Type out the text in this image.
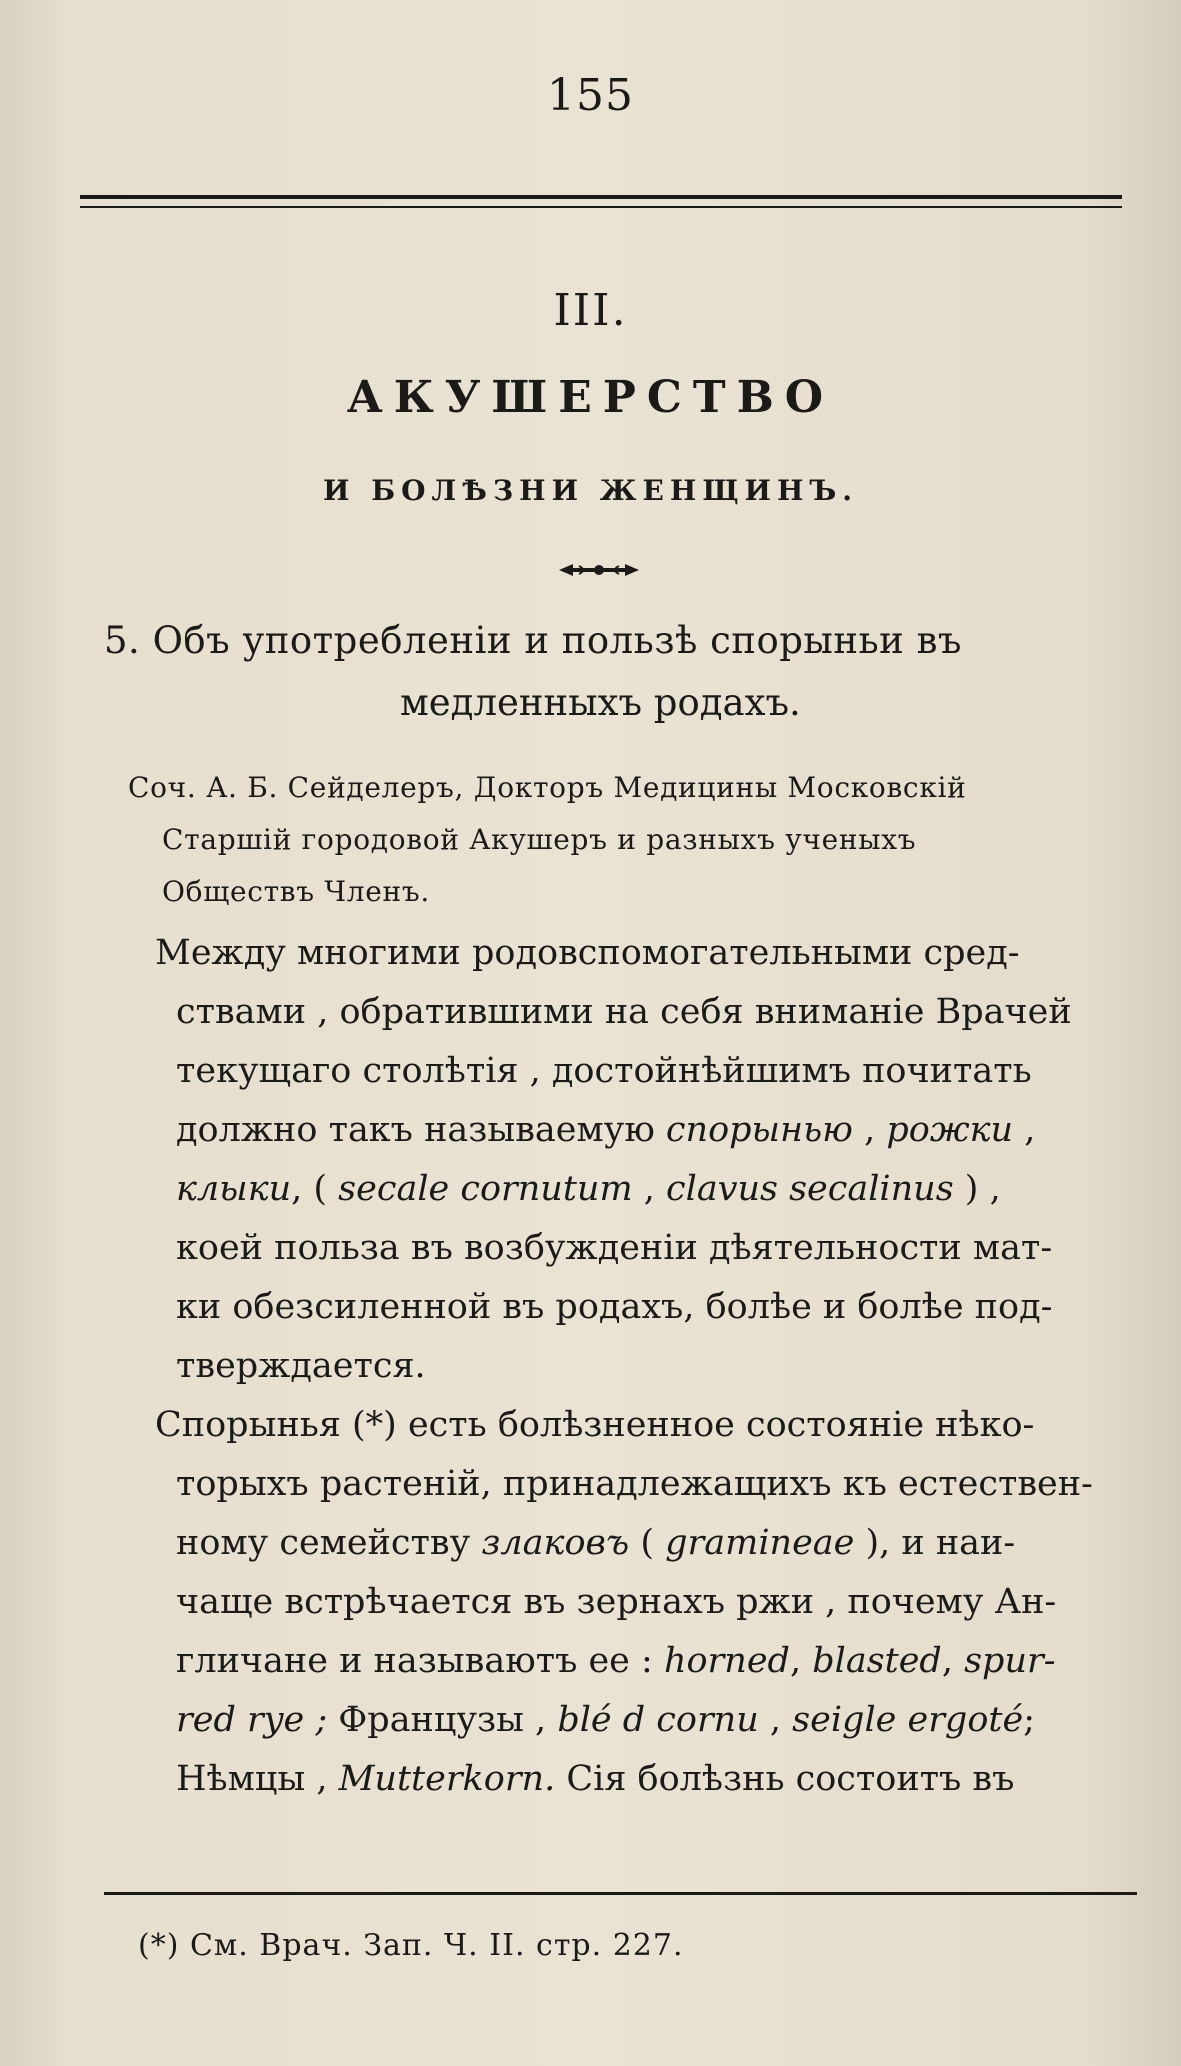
155
III.
АКУШЕРСТВО
И БОЛѢЗНИ ЖЕНЩИНЪ.
5. Объ употребленіи и пользѣ спорыньи въ
медленныхъ родахъ.
Соч. А. Б. Сейделеръ, Докторъ Медицины Московскій
Старшій городовой Акушеръ и разныхъ ученыхъ
Обществъ Членъ.
Между многими родовспомогательными сред-
ствами , обратившими на себя вниманіе Врачей
текущаго столѣтія , достойнѣйшимъ почитать
должно такъ называемую спорынью , рожки ,
клыки, ( secale cornutum , clavus secalinus ) ,
коей польза въ возбужденіи дѣятельности мат-
ки обезсиленной въ родахъ, болѣе и болѣе под-
тверждается.
Спорынья (*) есть болѣзненное состояніе нѣко-
торыхъ растеній, принадлежащихъ къ естествен-
ному семейству злаковъ ( gramineae ), и наи-
чаще встрѣчается въ зернахъ ржи , почему Ан-
гличане и называютъ ее : horned, blasted, spur-
red rye ; Французы , blé d cornu , seigle ergoté;
Нѣмцы , Mutterkorn. Сія болѣзнь состоитъ въ
(*) См. Врач. Зап. Ч. II. стр. 227.
